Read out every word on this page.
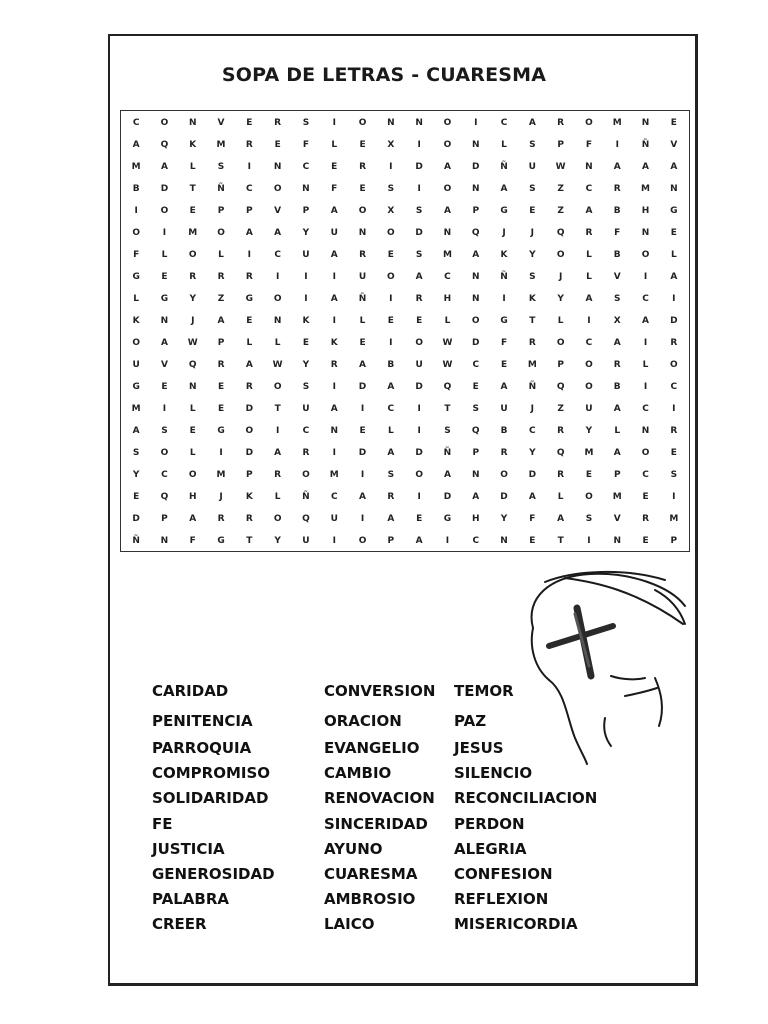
SOPA DE LETRAS - CUARESMA
C	O	N	V	E	R	S	I	O	N	N	O	I	C	A	R	O	M	N	E
A	Q	K	M	R	E	F	L	E	X	I	O	N	L	S	P	F	I	Ñ	V
M	A	L	S	I	N	C	E	R	I	D	A	D	Ñ	U	W	N	A	A	A
B	D	T	Ñ	C	O	N	F	E	S	I	O	N	A	S	Z	C	R	M	N
I	O	E	P	P	V	P	A	O	X	S	A	P	G	E	Z	A	B	H	G
O	I	M	O	A	A	Y	U	N	O	D	N	Q	J	J	Q	R	F	N	E
F	L	O	L	I	C	U	A	R	E	S	M	A	K	Y	O	L	B	O	L
G	E	R	R	R	I	I	I	U	O	A	C	N	Ñ	S	J	L	V	I	A
L	G	Y	Z	G	O	I	A	Ñ	I	R	H	N	I	K	Y	A	S	C	I
K	N	J	A	E	N	K	I	L	E	E	L	O	G	T	L	I	X	A	D
O	A	W	P	L	L	E	K	E	I	O	W	D	F	R	O	C	A	I	R
U	V	Q	R	A	W	Y	R	A	B	U	W	C	E	M	P	O	R	L	O
G	E	N	E	R	O	S	I	D	A	D	Q	E	A	Ñ	Q	O	B	I	C
M	I	L	E	D	T	U	A	I	C	I	T	S	U	J	Z	U	A	C	I
A	S	E	G	O	I	C	N	E	L	I	S	Q	B	C	R	Y	L	N	R
S	O	L	I	D	A	R	I	D	A	D	Ñ	P	R	Y	Q	M	A	O	E
Y	C	O	M	P	R	O	M	I	S	O	A	N	O	D	R	E	P	C	S
E	Q	H	J	K	L	Ñ	C	A	R	I	D	A	D	A	L	O	M	E	I
D	P	A	R	R	O	Q	U	I	A	E	G	H	Y	F	A	S	V	R	M
Ñ	N	F	G	T	Y	U	I	O	P	A	I	C	N	E	T	I	N	E	P
CARIDAD
PENITENCIA
PARROQUIA
COMPROMISO
SOLIDARIDAD
FE
JUSTICIA
GENEROSIDAD
PALABRA
CREER
CONVERSION
ORACION
EVANGELIO
CAMBIO
RENOVACION
SINCERIDAD
AYUNO
CUARESMA
AMBROSIO
LAICO
TEMOR
PAZ
JESUS
SILENCIO
RECONCILIACION
PERDON
ALEGRIA
CONFESION
REFLEXION
MISERICORDIA
